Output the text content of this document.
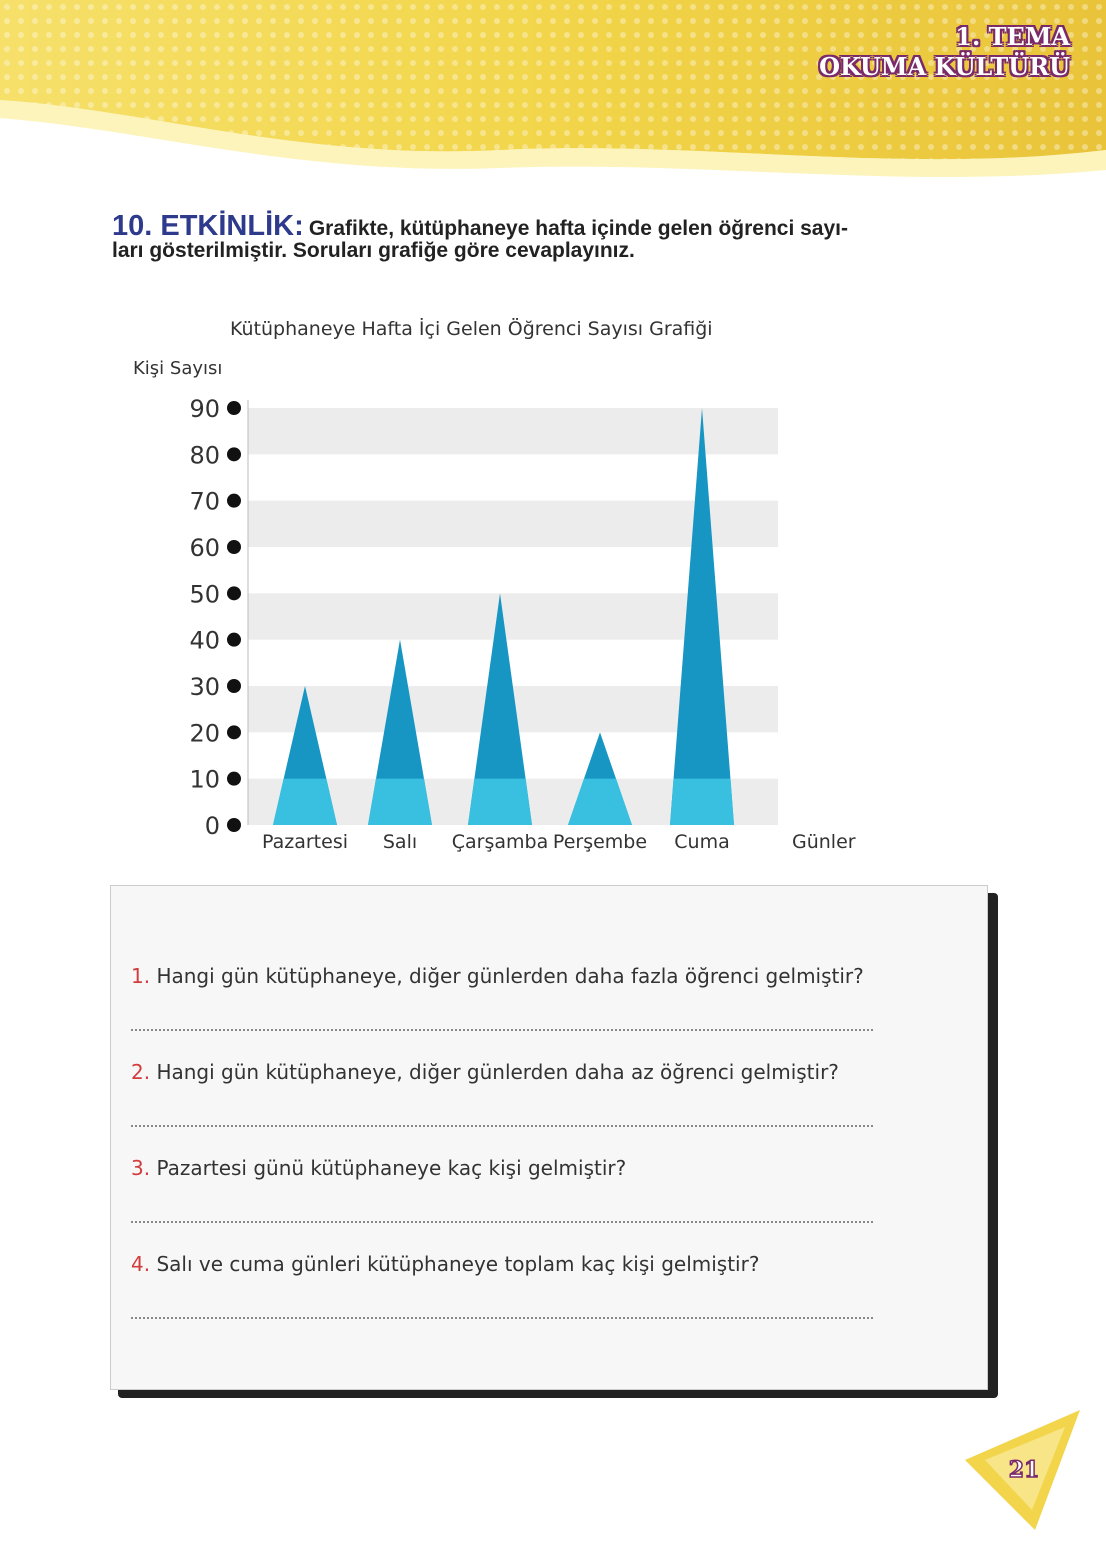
1. TEMA
OKUMA KÜLTÜRÜ
10. ETKİNLİK: Grafikte, kütüphaneye hafta içinde gelen öğrenci sayı-
ları gösterilmiştir. Soruları grafiğe göre cevaplayınız.
Kütüphaneye Hafta İçi Gelen Öğrenci Sayısı Grafiği
Kişi Sayısı
Günler
0
10
20
30
40
50
60
70
80
90
Pazartesi Salı Çarşamba Perşembe Cuma
1. Hangi gün kütüphaneye, diğer günlerden daha fazla öğrenci gelmiştir?
2. Hangi gün kütüphaneye, diğer günlerden daha az öğrenci gelmiştir?
3. Pazartesi günü kütüphaneye kaç kişi gelmiştir?
4. Salı ve cuma günleri kütüphaneye toplam kaç kişi gelmiştir?
21
